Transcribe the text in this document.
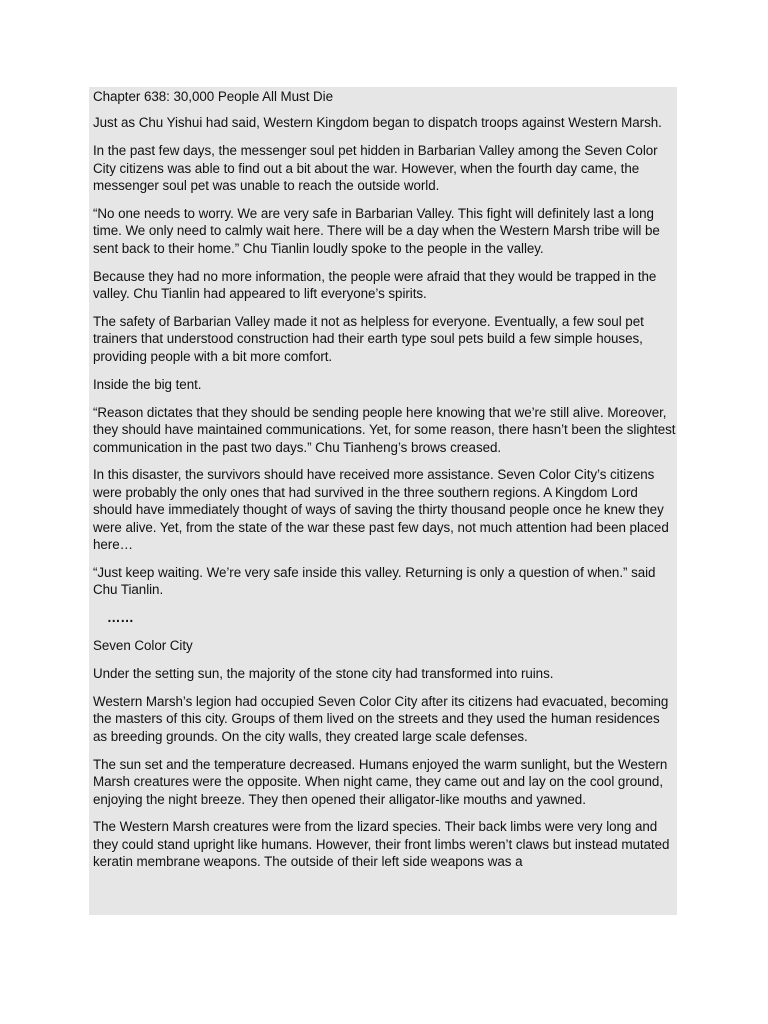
Chapter 638: 30,000 People All Must Die

Just as Chu Yishui had said, Western Kingdom began to dispatch troops against Western Marsh.

In the past few days, the messenger soul pet hidden in Barbarian Valley among the Seven Color City citizens was able to find out a bit about the war. However, when the fourth day came, the messenger soul pet was unable to reach the outside world.

“No one needs to worry. We are very safe in Barbarian Valley. This fight will definitely last a long time. We only need to calmly wait here. There will be a day when the Western Marsh tribe will be sent back to their home.” Chu Tianlin loudly spoke to the people in the valley.

Because they had no more information, the people were afraid that they would be trapped in the valley. Chu Tianlin had appeared to lift everyone’s spirits.

The safety of Barbarian Valley made it not as helpless for everyone. Eventually, a few soul pet trainers that understood construction had their earth type soul pets build a few simple houses, providing people with a bit more comfort.

Inside the big tent.

“Reason dictates that they should be sending people here knowing that we’re still alive. Moreover, they should have maintained communications. Yet, for some reason, there hasn’t been the slightest communication in the past two days.” Chu Tianheng’s brows creased.

In this disaster, the survivors should have received more assistance. Seven Color City’s citizens were probably the only ones that had survived in the three southern regions. A Kingdom Lord should have immediately thought of ways of saving the thirty thousand people once he knew they were alive. Yet, from the state of the war these past few days, not much attention had been placed here…

“Just keep waiting. We’re very safe inside this valley. Returning is only a question of when.” said Chu Tianlin.

……

Seven Color City

Under the setting sun, the majority of the stone city had transformed into ruins.

Western Marsh’s legion had occupied Seven Color City after its citizens had evacuated, becoming the masters of this city. Groups of them lived on the streets and they used the human residences as breeding grounds. On the city walls, they created large scale defenses.

The sun set and the temperature decreased. Humans enjoyed the warm sunlight, but the Western Marsh creatures were the opposite. When night came, they came out and lay on the cool ground, enjoying the night breeze. They then opened their alligator-like mouths and yawned.

The Western Marsh creatures were from the lizard species. Their back limbs were very long and they could stand upright like humans. However, their front limbs weren’t claws but instead mutated keratin membrane weapons. The outside of their left side weapons was a
